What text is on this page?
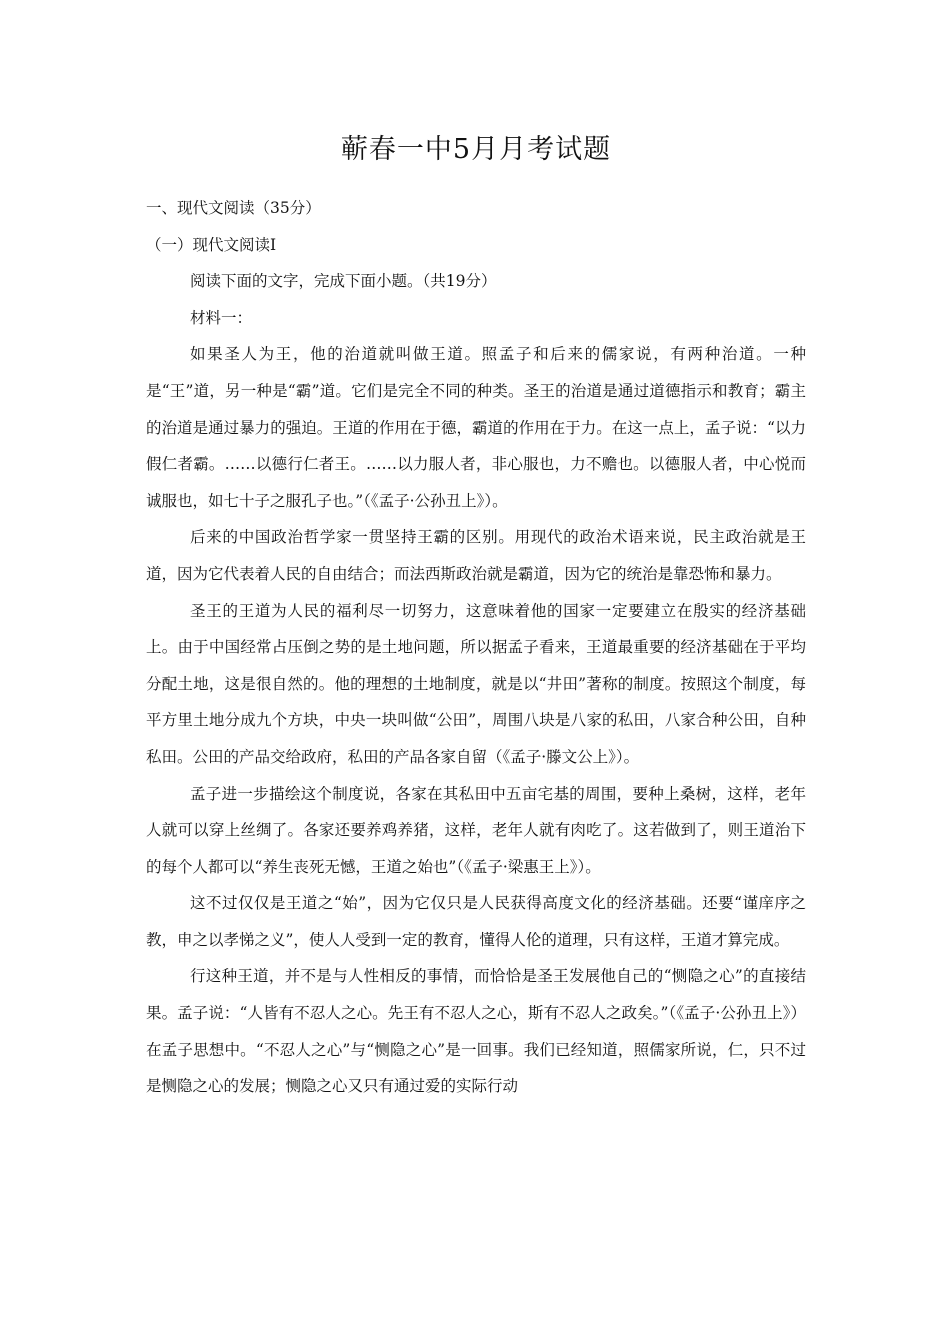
蕲春一中5月月考试题

一、现代文阅读（35分）

（一）现代文阅读Ⅰ

阅读下面的文字，完成下面小题。（共19分）

材料一：

如果圣人为王，他的治道就叫做王道。照孟子和后来的儒家说，有两种治道。一种是“王”道，另一种是“霸”道。它们是完全不同的种类。圣王的治道是通过道德指示和教育；霸主的治道是通过暴力的强迫。王道的作用在于德，霸道的作用在于力。在这一点上，孟子说：“以力假仁者霸。……以德行仁者王。……以力服人者，非心服也，力不赡也。以德服人者，中心悦而诚服也，如七十子之服孔子也。”（《孟子·公孙丑上》）。

后来的中国政治哲学家一贯坚持王霸的区别。用现代的政治术语来说，民主政治就是王道，因为它代表着人民的自由结合；而法西斯政治就是霸道，因为它的统治是靠恐怖和暴力。

圣王的王道为人民的福利尽一切努力，这意味着他的国家一定要建立在殷实的经济基础上。由于中国经常占压倒之势的是土地问题，所以据孟子看来，王道最重要的经济基础在于平均分配土地，这是很自然的。他的理想的土地制度，就是以“井田”著称的制度。按照这个制度，每平方里土地分成九个方块，中央一块叫做“公田”，周围八块是八家的私田，八家合种公田，自种私田。公田的产品交给政府，私田的产品各家自留（《孟子·滕文公上》）。

孟子进一步描绘这个制度说，各家在其私田中五亩宅基的周围，要种上桑树，这样，老年人就可以穿上丝绸了。各家还要养鸡养猪，这样，老年人就有肉吃了。这若做到了，则王道治下的每个人都可以“养生丧死无憾，王道之始也”（《孟子·梁惠王上》）。

这不过仅仅是王道之“始”，因为它仅只是人民获得高度文化的经济基础。还要“谨庠序之教，申之以孝悌之义”，使人人受到一定的教育，懂得人伦的道理，只有这样，王道才算完成。

行这种王道，并不是与人性相反的事情，而恰恰是圣王发展他自己的“恻隐之心”的直接结果。孟子说：“人皆有不忍人之心。先王有不忍人之心，斯有不忍人之政矣。”（《孟子·公孙丑上》）在孟子思想中。“不忍人之心”与“恻隐之心”是一回事。我们已经知道，照儒家所说，仁，只不过是恻隐之心的发展；恻隐之心又只有通过爱的实际行动
